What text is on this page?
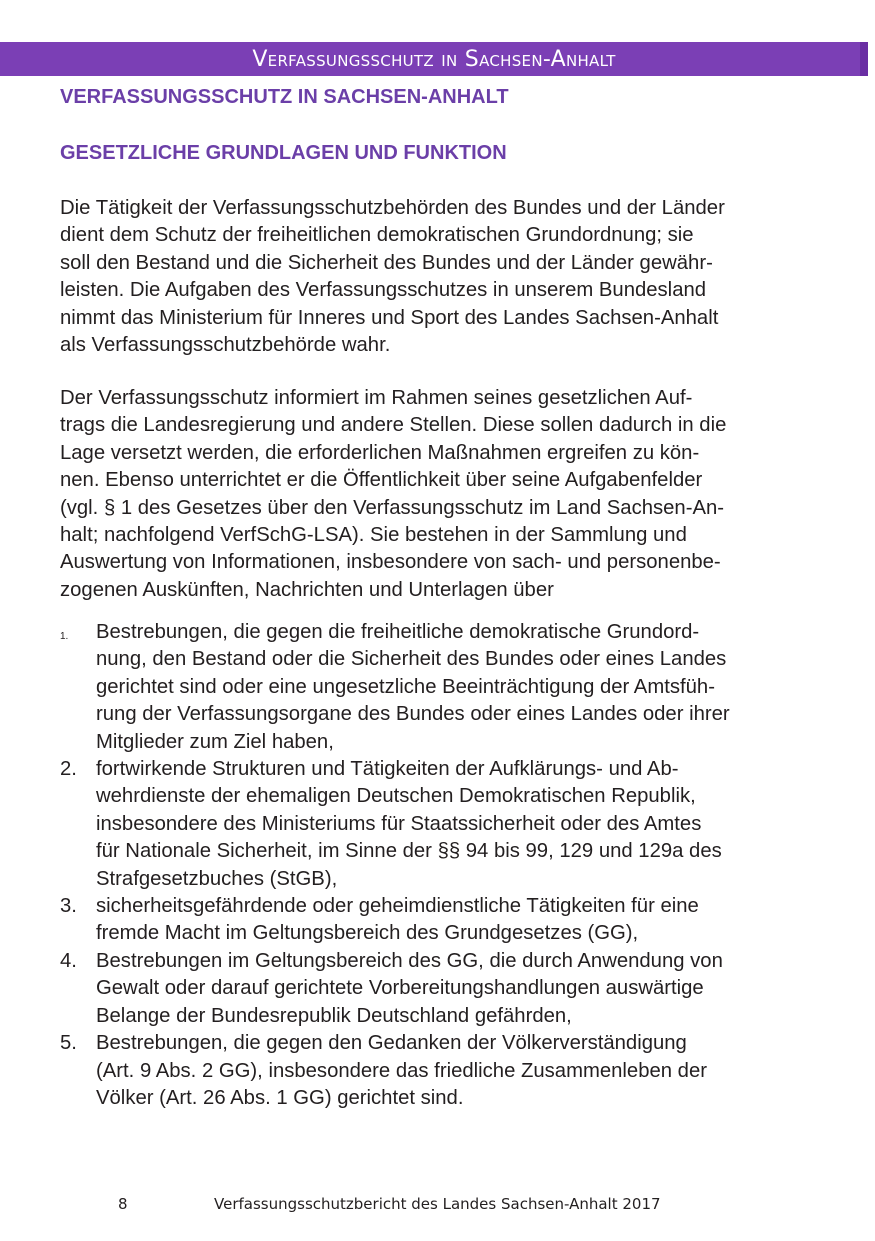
Verfassungsschutz in Sachsen-Anhalt
VERFASSUNGSSCHUTZ IN SACHSEN-ANHALT
GESETZLICHE GRUNDLAGEN UND FUNKTION

Die Tätigkeit der Verfassungsschutzbehörden des Bundes und der Länder
dient dem Schutz der freiheitlichen demokratischen Grundordnung; sie
soll den Bestand und die Sicherheit des Bundes und der Länder gewähr-
leisten. Die Aufgaben des Verfassungsschutzes in unserem Bundesland
nimmt das Ministerium für Inneres und Sport des Landes Sachsen-Anhalt
als Verfassungsschutzbehörde wahr.

Der Verfassungsschutz informiert im Rahmen seines gesetzlichen Auf-
trags die Landesregierung und andere Stellen. Diese sollen dadurch in die
Lage versetzt werden, die erforderlichen Maßnahmen ergreifen zu kön-
nen. Ebenso unterrichtet er die Öffentlichkeit über seine Aufgabenfelder
(vgl. § 1 des Gesetzes über den Verfassungsschutz im Land Sachsen-An-
halt; nachfolgend VerfSchG-LSA). Sie bestehen in der Sammlung und
Auswertung von Informationen, insbesondere von sach- und personenbe-
zogenen Auskünften, Nachrichten und Unterlagen über

1. Bestrebungen, die gegen die freiheitliche demokratische Grundord-
nung, den Bestand oder die Sicherheit des Bundes oder eines Landes
gerichtet sind oder eine ungesetzliche Beeinträchtigung der Amtsfüh-
rung der Verfassungsorgane des Bundes oder eines Landes oder ihrer
Mitglieder zum Ziel haben,
2. fortwirkende Strukturen und Tätigkeiten der Aufklärungs- und Ab-
wehrdienste der ehemaligen Deutschen Demokratischen Republik,
insbesondere des Ministeriums für Staatssicherheit oder des Amtes
für Nationale Sicherheit, im Sinne der §§ 94 bis 99, 129 und 129a des
Strafgesetzbuches (StGB),
3. sicherheitsgefährdende oder geheimdienstliche Tätigkeiten für eine
fremde Macht im Geltungsbereich des Grundgesetzes (GG),
4. Bestrebungen im Geltungsbereich des GG, die durch Anwendung von
Gewalt oder darauf gerichtete Vorbereitungshandlungen auswärtige
Belange der Bundesrepublik Deutschland gefährden,
5. Bestrebungen, die gegen den Gedanken der Völkerverständigung
(Art. 9 Abs. 2 GG), insbesondere das friedliche Zusammenleben der
Völker (Art. 26 Abs. 1 GG) gerichtet sind.
8	Verfassungsschutzbericht des Landes Sachsen-Anhalt 2017
